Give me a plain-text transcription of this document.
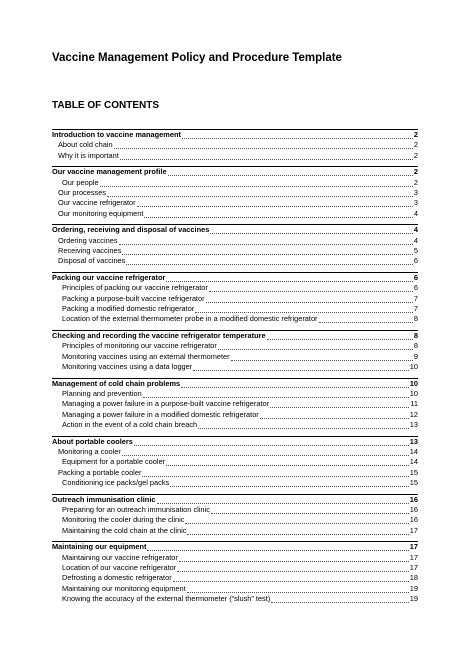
Vaccine Management Policy and Procedure Template
TABLE OF CONTENTS
Introduction to vaccine management	2
About cold chain	2
Why it is important	2
Our vaccine management profile	2
Our people	2
Our processes	3
Our vaccine refrigerator	3
Our monitoring equipment	4
Ordering, receiving and disposal of vaccines	4
Ordering vaccines	4
Receiving vaccines	5
Disposal of vaccines	6
Packing our vaccine refrigerator	6
Principles of packing our vaccine refrigerator	6
Packing a purpose-built vaccine refrigerator	7
Packing a modified domestic refrigerator	7
Location of the external thermometer probe in a modified domestic refrigerator	8
Checking and recording the vaccine refrigerator temperature	8
Principles of monitoring our vaccine refrigerator	8
Monitoring vaccines using an external thermometer	9
Monitoring vaccines using a data logger	10
Management of cold chain problems	10
Planning and prevention	10
Managing a power failure in a purpose-built vaccine refrigerator	11
Managing a power failure in a modified domestic refrigerator	12
Action in the event of a cold chain breach	13
About portable coolers	13
Monitoring a cooler	14
Equipment for a portable cooler	14
Packing a portable cooler	15
Conditioning ice packs/gel packs	15
Outreach immunisation clinic	16
Preparing for an outreach immunisation clinic	16
Monitoring the cooler during the clinic	16
Maintaining the cold chain at the clinic	17
Maintaining our equipment	17
Maintaining our vaccine refrigerator	17
Location of our vaccine refrigerator	17
Defrosting a domestic refrigerator	18
Maintaining our monitoring equipment	19
Knowing the accuracy of the external thermometer (“slush” test)	19
